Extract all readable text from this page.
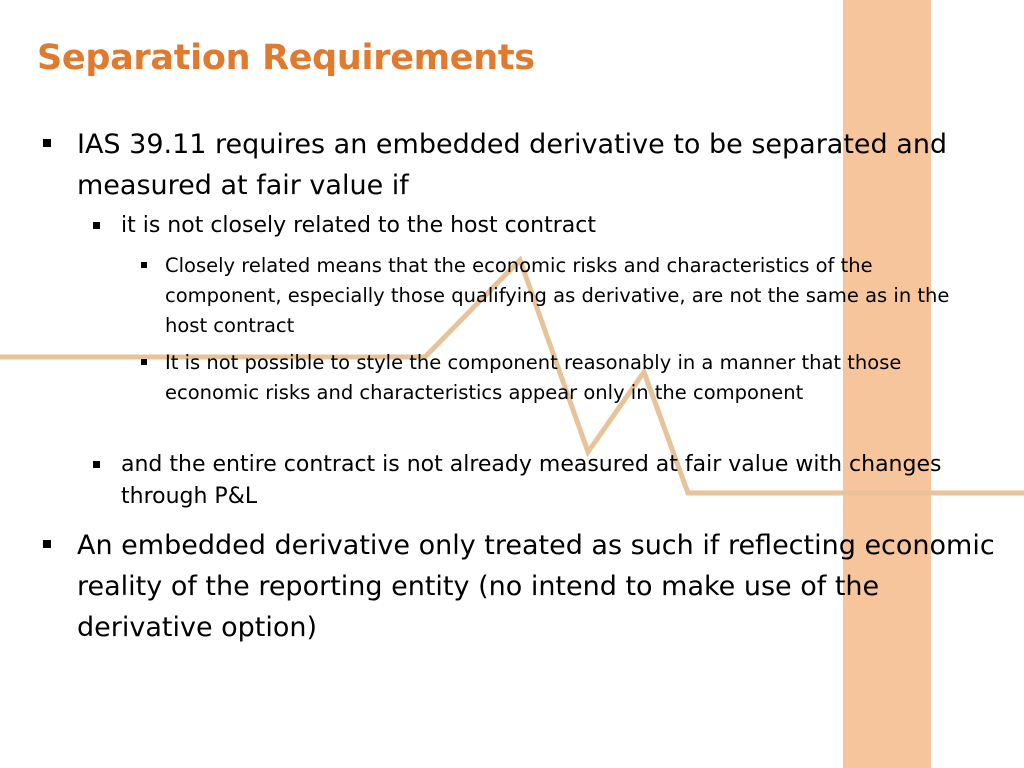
Separation Requirements
IAS 39.11 requires an embedded derivative to be separated and measured at fair value if
it is not closely related to the host contract
Closely related means that the economic risks and characteristics of the component, especially those qualifying as derivative, are not the same as in the host contract
It is not possible to style the component reasonably in a manner that those economic risks and characteristics appear only in the component
and the entire contract is not already measured at fair value with changes through P&L
An embedded derivative only treated as such if reflecting economic reality of the reporting entity (no intend to make use of the derivative option)
